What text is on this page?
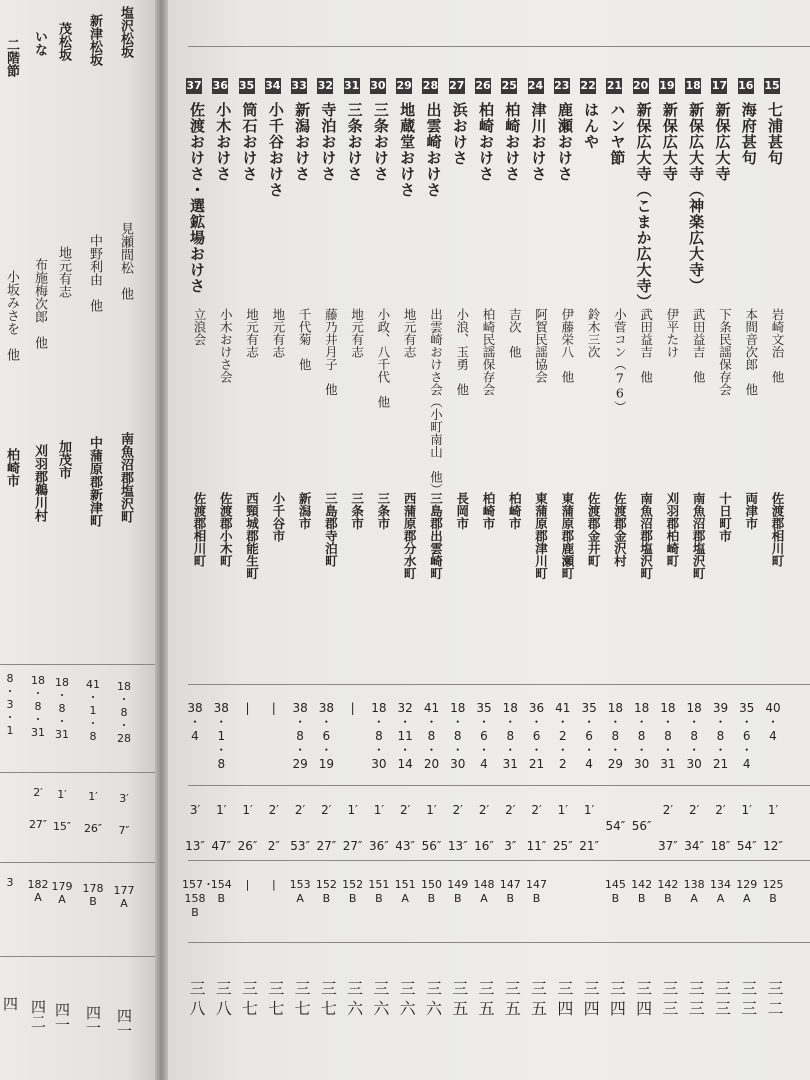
塩沢松坂
見瀬間松　他
南魚沼郡塩沢町
18
・
8
・
28
3′
7″
177
A
四一
新津松坂
中野利由　他
中蒲原郡新津町
41
・
1
・
8
1′
26″
178
B
四一
茂松坂
地元有志
加茂市
18
・
8
・
31
1′
15″
179
A
四一
いな
布施梅次郎　他
刈羽郡鵜川村
18
・
8
・
31
2′
27″
182
A
四二
二階節
小坂みさを　他
柏崎市
8
・
3
・
1
3
四
15
七浦甚句
岩崎文治　他
佐渡郡相川町
40
・
4
1′
12″
125
B
三二
16
海府甚句
本間音次郎　他
両津市
35
・
6
・
4
1′
54″
129
A
三三
17
新保広大寺
下条民謡保存会
十日町市
39
・
8
・
21
2′
18″
134
A
三三
18
新保広大寺（神楽広大寺）
武田益吉　他
南魚沼郡塩沢町
18
・
8
・
30
2′
34″
138
A
三三
19
新保広大寺
伊平たけ
刈羽郡柏崎町
18
・
8
・
31
2′
37″
142
B
三三
20
新保広大寺（こまか広大寺）
武田益吉　他
南魚沼郡塩沢町
18
・
8
・
30
56″
142
B
三四
21
ハンヤ節
小菅コン（76）
佐渡郡金沢村
18
・
8
・
29
54″
145
B
三四
22
はんや
鈴木三次
佐渡郡金井町
35
・
6
・
4
1′
21″
三四
23
鹿瀬おけさ
伊藤栄八　他
東蒲原郡鹿瀬町
41
・
2
・
2
1′
25″
三四
24
津川おけさ
阿賀民謡協会
東蒲原郡津川町
36
・
6
・
21
2′
11″
147
B
三五
25
柏崎おけさ
吉次　他
柏崎市
18
・
8
・
31
2′
3″
147
B
三五
26
柏崎おけさ
柏崎民謡保存会
柏崎市
35
・
6
・
4
2′
16″
148
A
三五
27
浜おけさ
小浪、玉勇　他
長岡市
18
・
8
・
30
2′
13″
149
B
三五
28
出雲崎おけさ
出雲崎おけさ会（小町南山　他）
三島郡出雲崎町
41
・
8
・
20
1′
56″
150
B
三六
29
地蔵堂おけさ
地元有志
西蒲原郡分水町
32
・
11
・
14
2′
43″
151
A
三六
30
三条おけさ
小政、八千代　他
三条市
18
・
8
・
30
1′
36″
151
B
三六
31
三条おけさ
地元有志
三条市
|
1′
27″
152
B
三六
32
寺泊おけさ
藤乃井月子　他
三島郡寺泊町
38
・
6
・
19
2′
27″
152
B
三七
33
新潟おけさ
千代菊　他
新潟市
38
・
8
・
29
2′
53″
153
A
三七
34
小千谷おけさ
地元有志
小千谷市
|
2′
2″
|
三七
35
筒石おけさ
地元有志
西頸城郡能生町
|
1′
26″
|
三七
36
小木おけさ
小木おけさ会
佐渡郡小木町
38
・
1
・
8
1′
47″
154
B
三八
37
佐渡おけさ・選鉱場おけさ
立浪会
佐渡郡相川町
38
・
4
3′
13″
157・158
B
三八
